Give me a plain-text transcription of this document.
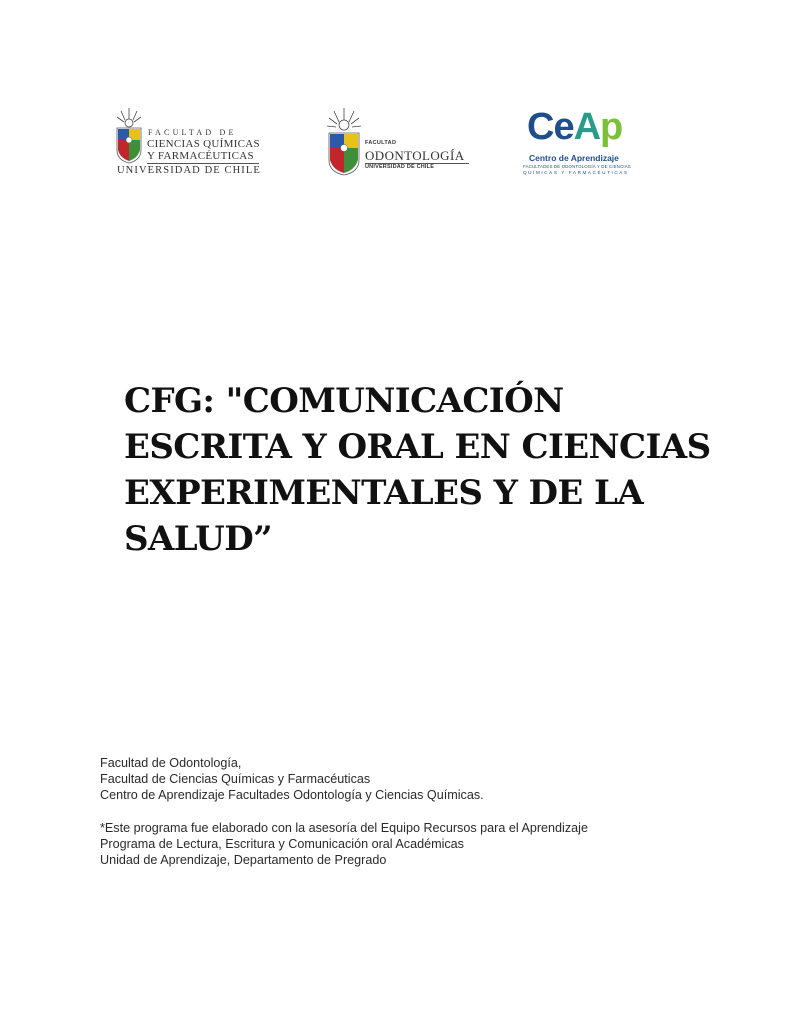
FACULTAD DE
CIENCIAS QUÍMICAS
Y FARMACÉUTICAS
UNIVERSIDAD DE CHILE
FACULTAD
ODONTOLOGÍA
UNIVERSIDAD DE CHILE
CeAp
Centro de Aprendizaje
FACULTADES DE ODONTOLOGÍA Y DE CIENCIAS
QUÍMICAS Y FARMACÉUTICAS
CFG: "COMUNICACIÓN
ESCRITA Y ORAL EN CIENCIAS
EXPERIMENTALES Y DE LA
SALUD”

Facultad de Odontología,

Facultad de Ciencias Químicas y Farmacéuticas

Centro de Aprendizaje Facultades Odontología y Ciencias Químicas.

*Este programa fue elaborado con la asesoría del Equipo Recursos para el Aprendizaje

Programa de Lectura, Escritura y Comunicación oral Académicas

Unidad de Aprendizaje, Departamento de Pregrado
